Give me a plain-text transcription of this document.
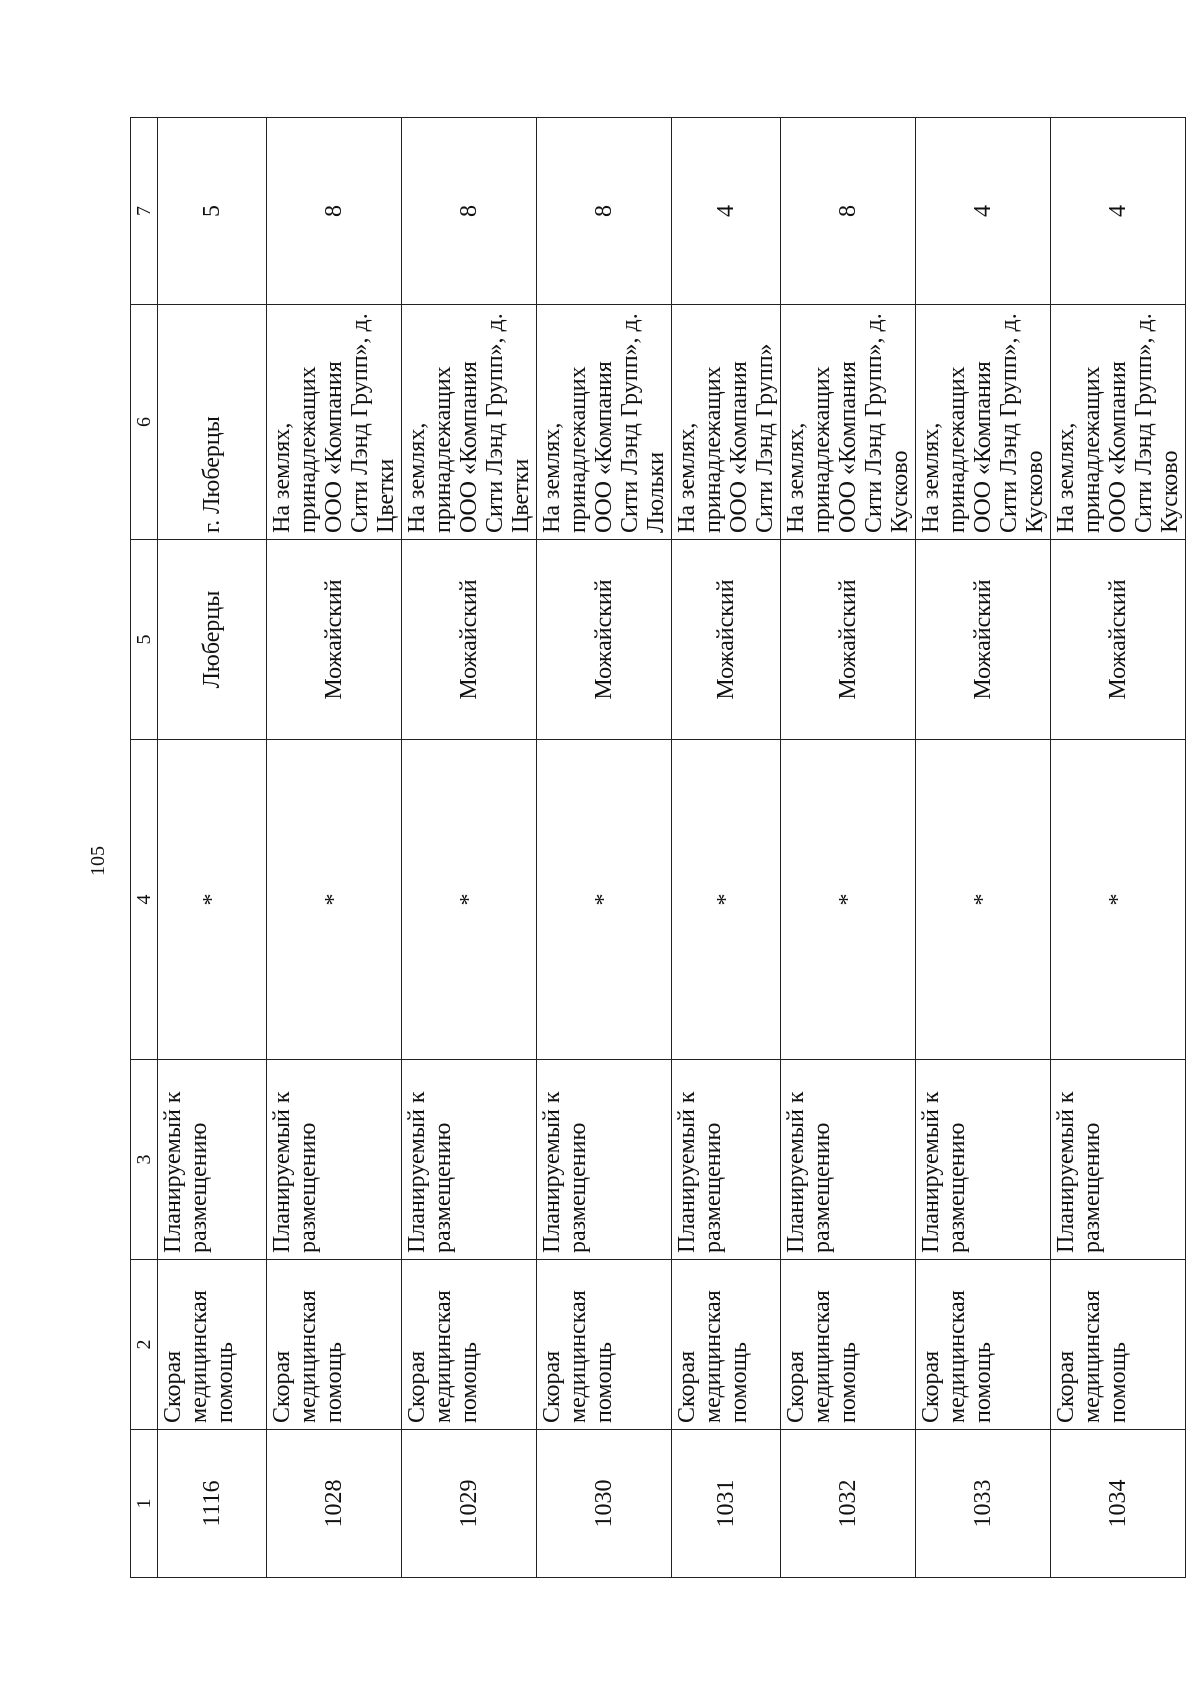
105
1	2	3	4	5	6	7
1116	Скорая медицинская помощь	Планируемый к размещению	*	Люберцы	г. Люберцы	5
1028	Скорая медицинская помощь	Планируемый к размещению	*	Можайский	На землях, принадлежащих ООО «Компания Сити Лэнд Групп», д. Цветки	8
1029	Скорая медицинская помощь	Планируемый к размещению	*	Можайский	На землях, принадлежащих ООО «Компания Сити Лэнд Групп», д. Цветки	8
1030	Скорая медицинская помощь	Планируемый к размещению	*	Можайский	На землях, принадлежащих ООО «Компания Сити Лэнд Групп», д. Люльки	8
1031	Скорая медицинская помощь	Планируемый к размещению	*	Можайский	На землях, принадлежащих ООО «Компания Сити Лэнд Групп»	4
1032	Скорая медицинская помощь	Планируемый к размещению	*	Можайский	На землях, принадлежащих ООО «Компания Сити Лэнд Групп», д. Кусково	8
1033	Скорая медицинская помощь	Планируемый к размещению	*	Можайский	На землях, принадлежащих ООО «Компания Сити Лэнд Групп», д. Кусково	4
1034	Скорая медицинская помощь	Планируемый к размещению	*	Можайский	На землях, принадлежащих ООО «Компания Сити Лэнд Групп», д. Кусково	4
